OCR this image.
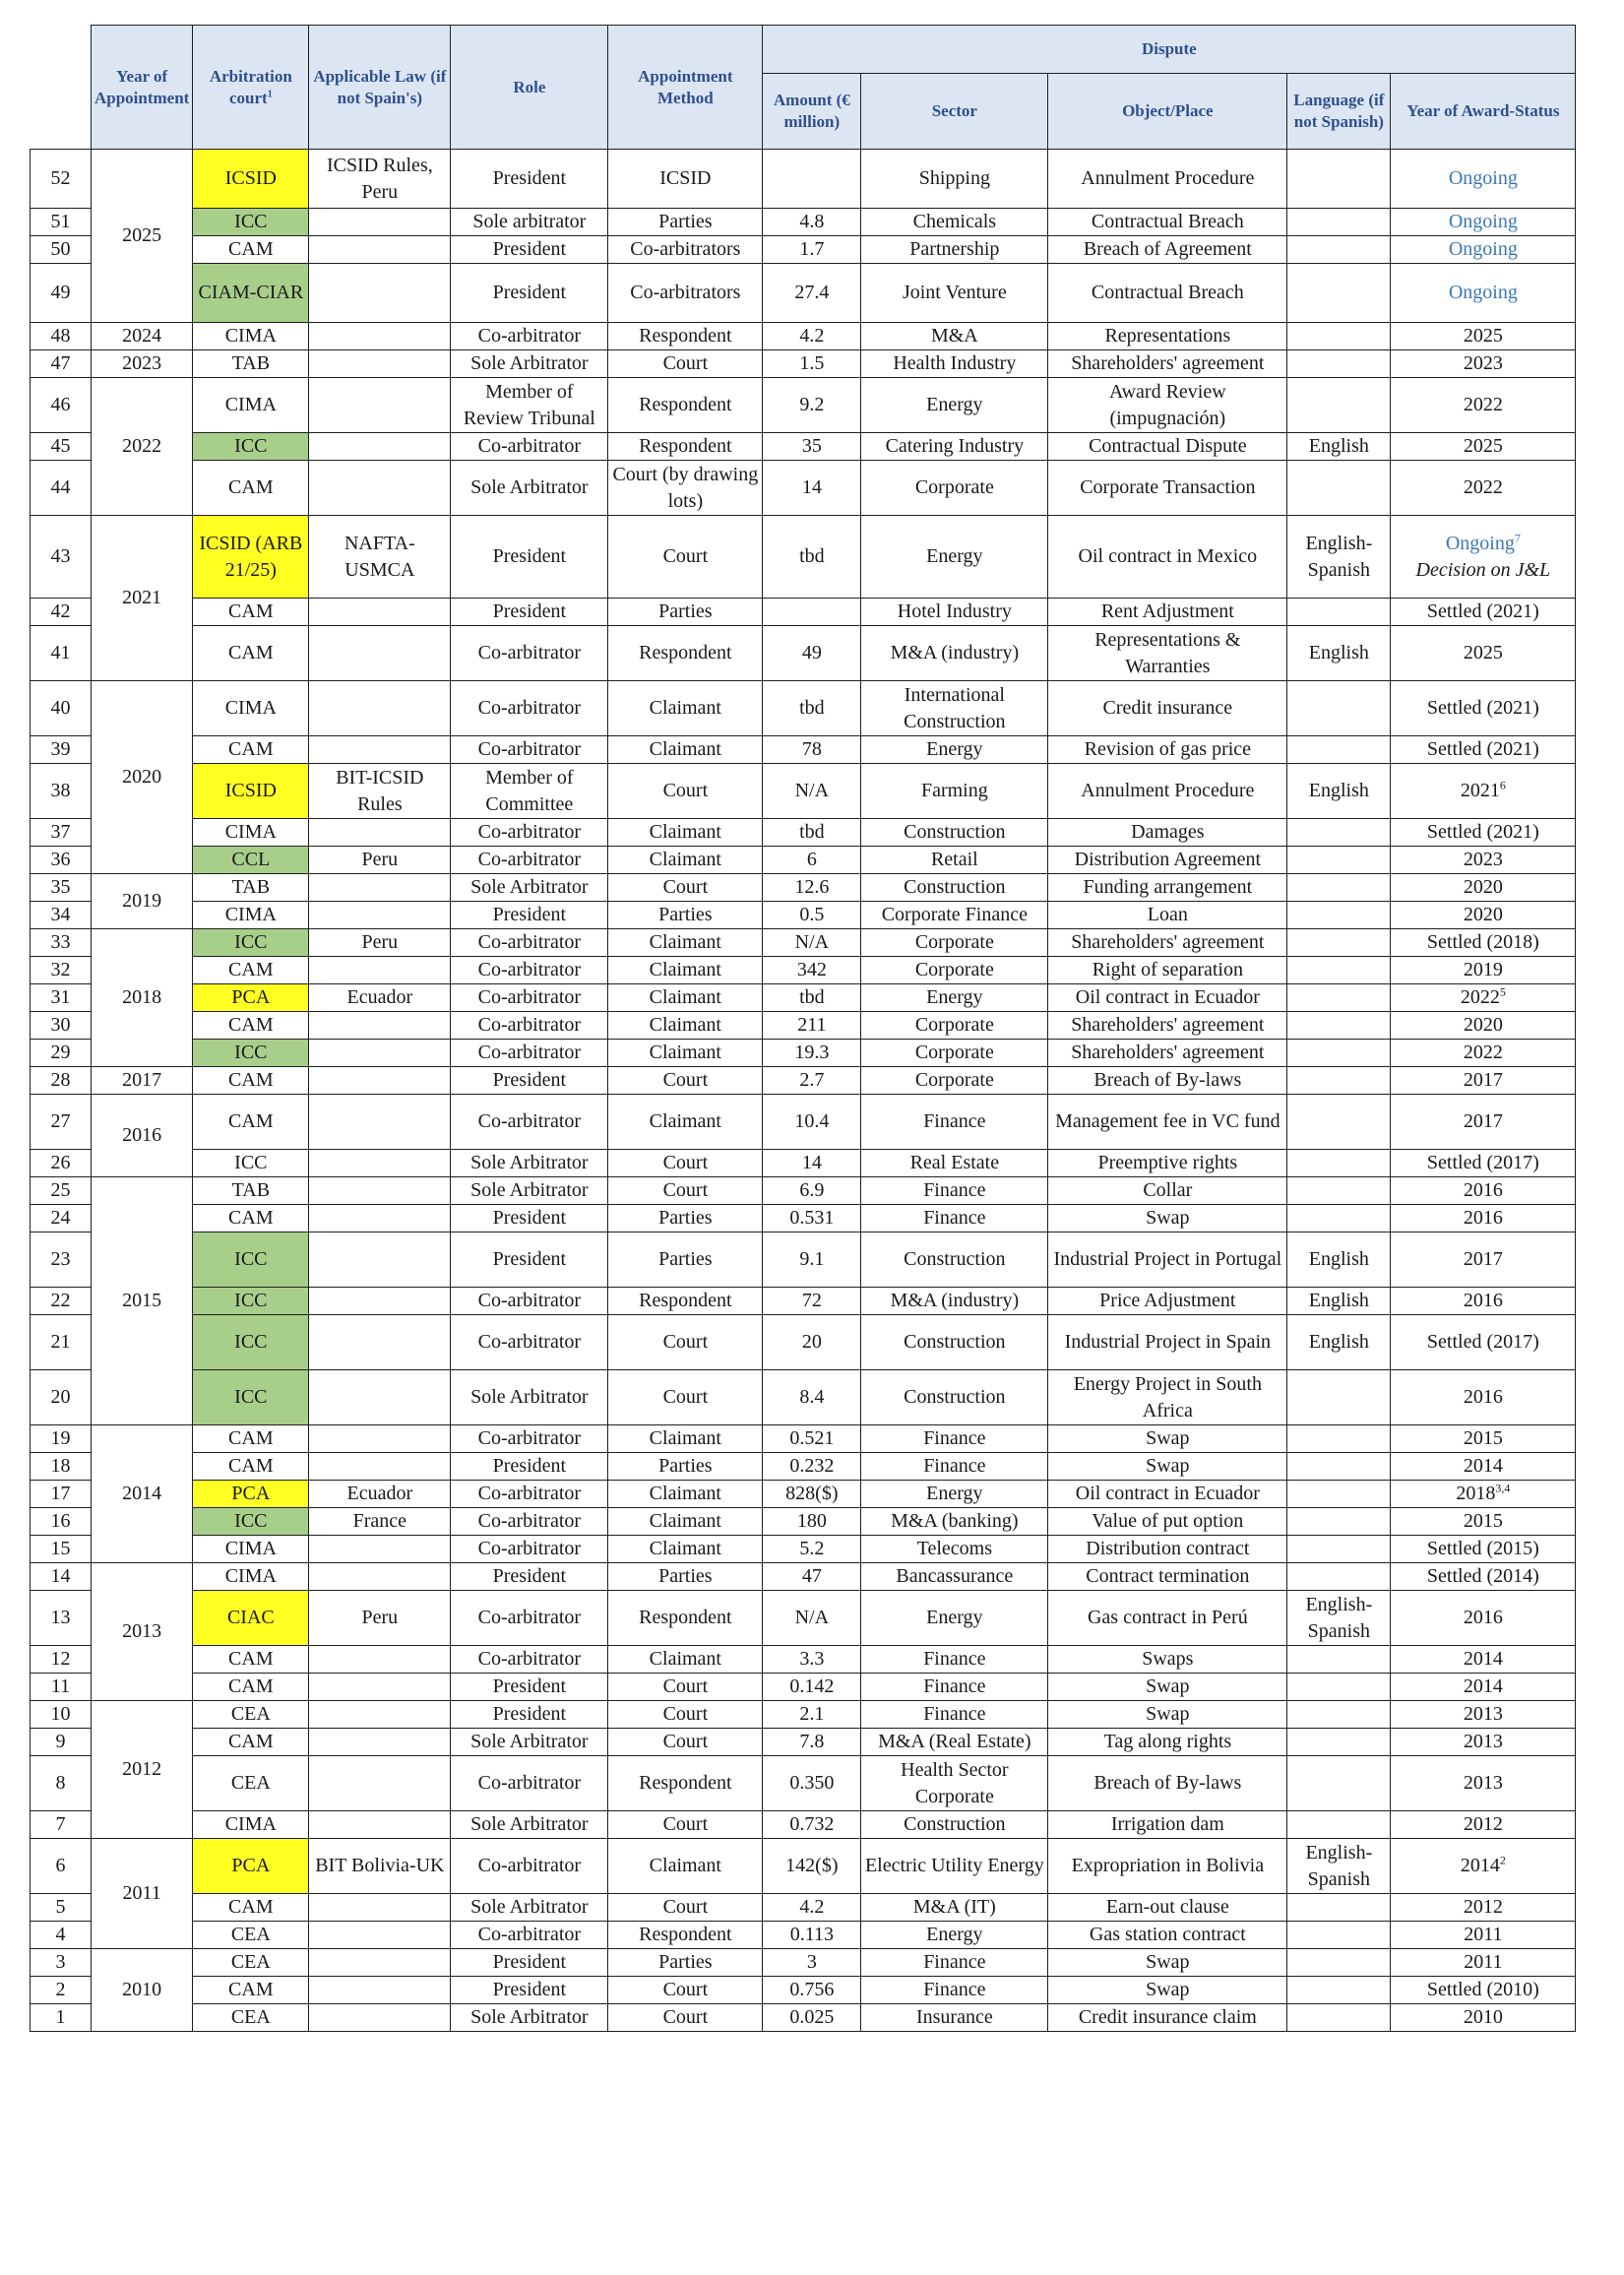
	Year of Appointment	Arbitration court$^1$	Applicable Law (if not Spain's)	Role	Appointment Method	Dispute				
						Amount (€ million)	Sector	Object/Place	Language (if not Spanish)	Year of Award-Status
52	2025	ICSID	ICSID Rules, Peru	President	ICSID		Shipping	Annulment Procedure		Ongoing
51		ICC		Sole arbitrator	Parties	4.8	Chemicals	Contractual Breach		Ongoing
50		CAM		President	Co-arbitrators	1.7	Partnership	Breach of Agreement		Ongoing
49		CIAM-CIAR		President	Co-arbitrators	27.4	Joint Venture	Contractual Breach		Ongoing
48	2024	CIMA		Co-arbitrator	Respondent	4.2	M&A	Representations		2025
47	2023	TAB		Sole Arbitrator	Court	1.5	Health Industry	Shareholders' agreement		2023
46	2022	CIMA		Member of Review Tribunal	Respondent	9.2	Energy	Award Review (impugnación)		2022
45		ICC		Co-arbitrator	Respondent	35	Catering Industry	Contractual Dispute	English	2025
44		CAM		Sole Arbitrator	Court (by drawing lots)	14	Corporate	Corporate Transaction		2022
43	2021	ICSID (ARB 21/25)	NAFTA-USMCA	President	Court	tbd	Energy	Oil contract in Mexico	English-Spanish	Ongoing$^7$
Decision on J&L
42		CAM		President	Parties		Hotel Industry	Rent Adjustment		Settled (2021)
41		CAM		Co-arbitrator	Respondent	49	M&A (industry)	Representations & Warranties	English	2025
40	2020	CIMA		Co-arbitrator	Claimant	tbd	International Construction	Credit insurance		Settled (2021)
39		CAM		Co-arbitrator	Claimant	78	Energy	Revision of gas price		Settled (2021)
38		ICSID	BIT-ICSID Rules	Member of Committee	Court	N/A	Farming	Annulment Procedure	English	2021$^6$
37		CIMA		Co-arbitrator	Claimant	tbd	Construction	Damages		Settled (2021)
36		CCL	Peru	Co-arbitrator	Claimant	6	Retail	Distribution Agreement		2023
35	2019	TAB		Sole Arbitrator	Court	12.6	Construction	Funding arrangement		2020
34		CIMA		President	Parties	0.5	Corporate Finance	Loan		2020
33	2018	ICC	Peru	Co-arbitrator	Claimant	N/A	Corporate	Shareholders' agreement		Settled (2018)
32		CAM		Co-arbitrator	Claimant	342	Corporate	Right of separation		2019
31		PCA	Ecuador	Co-arbitrator	Claimant	tbd	Energy	Oil contract in Ecuador		2022$^5$
30		CAM		Co-arbitrator	Claimant	211	Corporate	Shareholders' agreement		2020
29		ICC		Co-arbitrator	Claimant	19.3	Corporate	Shareholders' agreement		2022
28	2017	CAM		President	Court	2.7	Corporate	Breach of By-laws		2017
27	2016	CAM		Co-arbitrator	Claimant	10.4	Finance	Management fee in VC fund		2017
26		ICC		Sole Arbitrator	Court	14	Real Estate	Preemptive rights		Settled (2017)
25	2015	TAB		Sole Arbitrator	Court	6.9	Finance	Collar		2016
24		CAM		President	Parties	0.531	Finance	Swap		2016
23		ICC		President	Parties	9.1	Construction	Industrial Project in Portugal	English	2017
22		ICC		Co-arbitrator	Respondent	72	M&A (industry)	Price Adjustment	English	2016
21		ICC		Co-arbitrator	Court	20	Construction	Industrial Project in Spain	English	Settled (2017)
20		ICC		Sole Arbitrator	Court	8.4	Construction	Energy Project in South Africa		2016
19	2014	CAM		Co-arbitrator	Claimant	0.521	Finance	Swap		2015
18		CAM		President	Parties	0.232	Finance	Swap		2014
17		PCA	Ecuador	Co-arbitrator	Claimant	828($)	Energy	Oil contract in Ecuador		2018$^{3,4}$
16		ICC	France	Co-arbitrator	Claimant	180	M&A (banking)	Value of put option		2015
15		CIMA		Co-arbitrator	Claimant	5.2	Telecoms	Distribution contract		Settled (2015)
14	2013	CIMA		President	Parties	47	Bancassurance	Contract termination		Settled (2014)
13		CIAC	Peru	Co-arbitrator	Respondent	N/A	Energy	Gas contract in Perú	English-Spanish	2016
12		CAM		Co-arbitrator	Claimant	3.3	Finance	Swaps		2014
11		CAM		President	Court	0.142	Finance	Swap		2014
10	2012	CEA		President	Court	2.1	Finance	Swap		2013
9		CAM		Sole Arbitrator	Court	7.8	M&A (Real Estate)	Tag along rights		2013
8		CEA		Co-arbitrator	Respondent	0.350	Health Sector Corporate	Breach of By-laws		2013
7		CIMA		Sole Arbitrator	Court	0.732	Construction	Irrigation dam		2012
6	2011	PCA	BIT Bolivia-UK	Co-arbitrator	Claimant	142($)	Electric Utility Energy	Expropriation in Bolivia	English-Spanish	2014$^2$
5		CAM		Sole Arbitrator	Court	4.2	M&A (IT)	Earn-out clause		2012
4		CEA		Co-arbitrator	Respondent	0.113	Energy	Gas station contract		2011
3	2010	CEA		President	Parties	3	Finance	Swap		2011
2		CAM		President	Court	0.756	Finance	Swap		Settled (2010)
1		CEA		Sole Arbitrator	Court	0.025	Insurance	Credit insurance claim		2010
